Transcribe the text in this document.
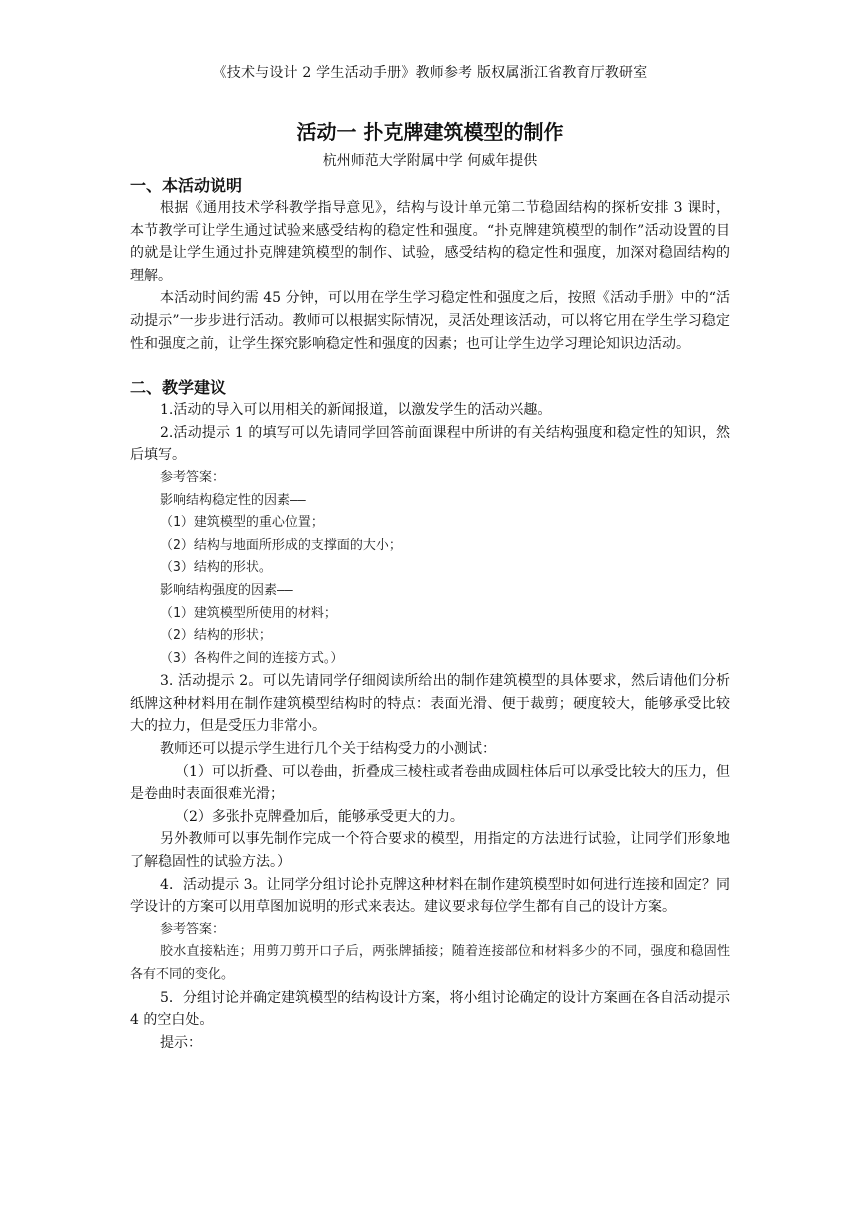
《技术与设计 2 学生活动手册》教师参考 版权属浙江省教育厅教研室
活动一 扑克牌建筑模型的制作
杭州师范大学附属中学 何威年提供
一、本活动说明

根据《通用技术学科教学指导意见》，结构与设计单元第二节稳固结构的探析安排 3 课时，本节教学可让学生通过试验来感受结构的稳定性和强度。“扑克牌建筑模型的制作”活动设置的目的就是让学生通过扑克牌建筑模型的制作、试验，感受结构的稳定性和强度，加深对稳固结构的理解。

本活动时间约需 45 分钟，可以用在学生学习稳定性和强度之后，按照《活动手册》中的“活动提示”一步步进行活动。教师可以根据实际情况，灵活处理该活动，可以将它用在学生学习稳定性和强度之前，让学生探究影响稳定性和强度的因素；也可让学生边学习理论知识边活动。

二、教学建议

1.活动的导入可以用相关的新闻报道，以激发学生的活动兴趣。

2.活动提示 1 的填写可以先请同学回答前面课程中所讲的有关结构强度和稳定性的知识，然后填写。

参考答案：
影响结构稳定性的因素——
（1）建筑模型的重心位置；
（2）结构与地面所形成的支撑面的大小；
（3）结构的形状。
影响结构强度的因素——
（1）建筑模型所使用的材料；
（2）结构的形状；
（3）各构件之间的连接方式。）

3. 活动提示 2。可以先请同学仔细阅读所给出的制作建筑模型的具体要求，然后请他们分析纸牌这种材料用在制作建筑模型结构时的特点：表面光滑、便于裁剪；硬度较大，能够承受比较大的拉力，但是受压力非常小。

教师还可以提示学生进行几个关于结构受力的小测试：

（1）可以折叠、可以卷曲，折叠成三棱柱或者卷曲成圆柱体后可以承受比较大的压力，但是卷曲时表面很难光滑；

（2）多张扑克牌叠加后，能够承受更大的力。

另外教师可以事先制作完成一个符合要求的模型，用指定的方法进行试验，让同学们形象地了解稳固性的试验方法。）

4．活动提示 3。让同学分组讨论扑克牌这种材料在制作建筑模型时如何进行连接和固定？同学设计的方案可以用草图加说明的形式来表达。建议要求每位学生都有自己的设计方案。

参考答案：
胶水直接粘连；用剪刀剪开口子后，两张牌插接；随着连接部位和材料多少的不同，强度和稳固性各有不同的变化。

5．分组讨论并确定建筑模型的结构设计方案，将小组讨论确定的设计方案画在各自活动提示 4 的空白处。

提示：
